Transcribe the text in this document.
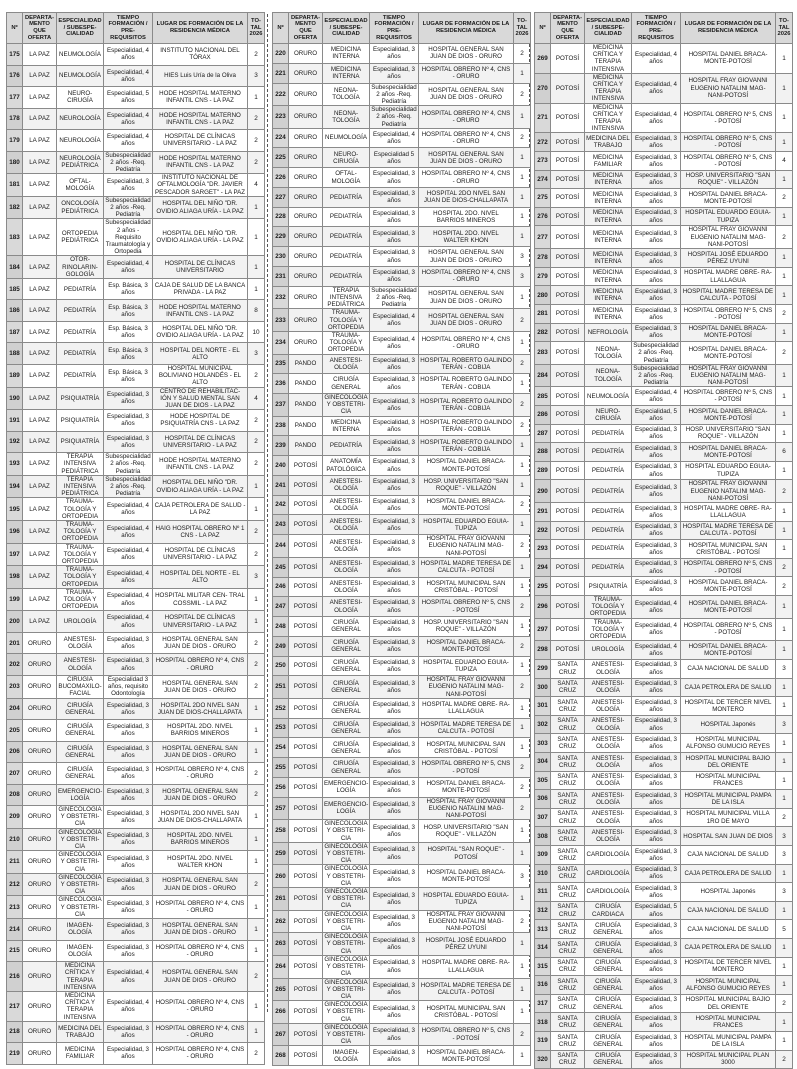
Nº	DEPARTA- MENTO QUE OFERTA	ESPECIALIDAD / SUBESPE- CIALIDAD	TIEMPO FORMACIÓN / PRE-REQUISITOS	LUGAR DE FORMACIÓN DE LA RESIDENCIA MÉDICA	TO- TAL 2026
175	LA PAZ	NEUMOLOGÍA	Especialidad, 4 años	INSTITUTO NACIONAL DEL TÓRAX	2
176	LA PAZ	NEUMOLOGÍA	Especialidad, 4 años	HIES Luis Uría de la Oliva	3
177	LA PAZ	NEURO- CIRUGÍA	Especialidad, 5 años	HODE HOSPITAL MATERNO INFANTIL CNS - LA PAZ	1
178	LA PAZ	NEUROLOGÍA	Especialidad, 4 años	HODE HOSPITAL MATERNO INFANTIL CNS - LA PAZ	2
179	LA PAZ	NEUROLOGÍA	Especialidad, 4 años	HOSPITAL DE CLÍNICAS UNIVERSITARIO - LA PAZ	2
180	LA PAZ	NEUROLOGÍA PEDIÁTRICA	Subespecialidad 2 años -Req. Pediatría	HODE HOSPITAL MATERNO INFANTIL CNS - LA PAZ	2
181	LA PAZ	OFTAL- MOLOGÍA	Especialidad, 3 años	INSTITUTO NACIONAL DE OFTALMOLOGÍA "DR. JAVIER PESCADOR SARGET" - LA PAZ	4
182	LA PAZ	ONCOLOGÍA PEDIÁTRICA	Subespecialidad 2 años -Req. Pediatría	HOSPITAL DEL NIÑO "DR. OVIDIO ALIAGA URÍA - LA PAZ	1
183	LA PAZ	ORTOPEDIA PEDIÁTRICA	Subespecialidad 2 años - Requisito Traumatología y Ortopedia	HOSPITAL DEL NIÑO "DR. OVIDIO ALIAGA URÍA - LA PAZ	1
184	LA PAZ	OTOR- RINOLARIN- GOLOGÍA	Especialidad, 4 años	HOSPITAL DE CLÍNICAS UNIVERSITARIO	1
185	LA PAZ	PEDIATRÍA	Esp. Básica, 3 años	CAJA DE SALUD DE LA BANCA PRIVADA - LA PAZ	1
186	LA PAZ	PEDIATRÍA	Esp. Básica, 3 años	HODE HOSPITAL MATERNO INFANTIL CNS - LA PAZ	8
187	LA PAZ	PEDIATRÍA	Esp. Básica, 3 años	HOSPITAL DEL NIÑO "DR. OVIDIO ALIAGA URÍA - LA PAZ	10
188	LA PAZ	PEDIATRÍA	Esp. Básica, 3 años	HOSPITAL DEL NORTE - EL ALTO	3
189	LA PAZ	PEDIATRÍA	Esp. Básica, 3 años	HOSPITAL MUNICIPAL BOLIVIANO HOLANDÉS - EL ALTO	2
190	LA PAZ	PSIQUIATRÍA	Especialidad, 3 años	CENTRO DE REHABILITAC- IÓN Y SALUD MENTAL SAN JUAN DE DIOS - LA PAZ	4
191	LA PAZ	PSIQUIATRÍA	Especialidad, 3 años	HODE HOSPITAL DE PSIQUIATRÍA CNS - LA PAZ	2
192	LA PAZ	PSIQUIATRÍA	Especialidad, 3 años	HOSPITAL DE CLÍNICAS UNIVERSITARIO - LA PAZ	2
193	LA PAZ	TERAPIA INTENSIVA PEDIÁTRICA	Subespecialidad 2 años -Req. Pediatría	HODE HOSPITAL MATERNO INFANTIL CNS - LA PAZ	2
194	LA PAZ	TERAPIA INTENSIVA PEDIÁTRICA	Subespecialidad 2 años -Req. Pediatría	HOSPITAL DEL NIÑO "DR. OVIDIO ALIAGA URÍA - LA PAZ	1
195	LA PAZ	TRAUMA- TOLOGÍA Y ORTOPEDIA	Especialidad, 4 años	CAJA PETROLERA DE SALUD - LA PAZ	1
196	LA PAZ	TRAUMA- TOLOGÍA Y ORTOPEDIA	Especialidad, 4 años	HAIG HOSPITAL OBRERO Nº 1 CNS - LA PAZ	2
197	LA PAZ	TRAUMA- TOLOGÍA Y ORTOPEDIA	Especialidad, 4 años	HOSPITAL DE CLÍNICAS UNIVERSITARIO - LA PAZ	2
198	LA PAZ	TRAUMA- TOLOGÍA Y ORTOPEDIA	Especialidad, 4 años	HOSPITAL DEL NORTE - EL ALTO	3
199	LA PAZ	TRAUMA- TOLOGÍA Y ORTOPEDIA	Especialidad, 4 años	HOSPITAL MILITAR CEN- TRAL COSSMIL - LA PAZ	1
200	LA PAZ	UROLOGÍA	Especialidad, 4 años	HOSPITAL DE CLÍNICAS UNIVERSITARIO - LA PAZ	1
201	ORURO	ANESTESI- OLOGÍA	Especialidad, 3 años	HOSPITAL GENERAL SAN JUAN DE DIOS - ORURO	2
202	ORURO	ANESTESI- OLOGÍA	Especialidad, 3 años	HOSPITAL OBRERO Nº 4, CNS - ORURO	2
203	ORURO	CIRUGÍA BUCOMAXILO- FACIAL	Especialidad 3 años, requisito Odontología	HOSPITAL GENERAL SAN JUAN DE DIOS - ORURO	2
204	ORURO	CIRUGÍA GENERAL	Especialidad, 3 años	HOSPITAL 2DO NIVEL SAN JUAN DE DIOS-CHALLAPATA	1
205	ORURO	CIRUGÍA GENERAL	Especialidad, 3 años	HOSPITAL 2DO. NIVEL BARRIOS MINEROS	1
206	ORURO	CIRUGÍA GENERAL	Especialidad, 3 años	HOSPITAL GENERAL SAN JUAN DE DIOS - ORURO	1
207	ORURO	CIRUGÍA GENERAL	Especialidad, 3 años	HOSPITAL OBRERO Nº 4, CNS - ORURO	2
208	ORURO	EMERGENCIO- LOGÍA	Especialidad, 3 años	HOSPITAL GENERAL SAN JUAN DE DIOS - ORURO	2
209	ORURO	GINECOLOGÍA Y OBSTETRI- CIA	Especialidad, 3 años	HOSPITAL 2DO NIVEL SAN JUAN DE DIOS-CHALLAPATA	1
210	ORURO	GINECOLOGÍA Y OBSTETRI- CIA	Especialidad, 3 años	HOSPITAL 2DO. NIVEL BARRIOS MINEROS	1
211	ORURO	GINECOLOGÍA Y OBSTETRI- CIA	Especialidad, 3 años	HOSPITAL 2DO. NIVEL WALTER KHON	1
212	ORURO	GINECOLOGÍA Y OBSTETRI- CIA	Especialidad, 3 años	HOSPITAL GENERAL SAN JUAN DE DIOS - ORURO	2
213	ORURO	GINECOLOGÍA Y OBSTETRI- CIA	Especialidad, 3 años	HOSPITAL OBRERO Nº 4, CNS - ORURO	1
214	ORURO	IMAGEN- OLOGÍA	Especialidad, 3 años	HOSPITAL GENERAL SAN JUAN DE DIOS - ORURO	1
215	ORURO	IMAGEN- OLOGÍA	Especialidad, 3 años	HOSPITAL OBRERO Nº 4, CNS - ORURO	1
216	ORURO	MEDICINA CRÍTICA Y TERAPIA INTENSIVA	Especialidad, 4 años	HOSPITAL GENERAL SAN JUAN DE DIOS - ORURO	2
217	ORURO	MEDICINA CRÍTICA Y TERAPIA INTENSIVA	Especialidad, 4 años	HOSPITAL OBRERO Nº 4, CNS - ORURO	1
218	ORURO	MEDICINA DEL TRABAJO	Especialidad, 3 años	HOSPITAL OBRERO Nº 4, CNS - ORURO	1
219	ORURO	MEDICINA FAMILIAR	Especialidad, 3 años	HOSPITAL OBRERO Nº 4, CNS - ORURO	2
Nº	DEPARTA- MENTO QUE OFERTA	ESPECIALIDAD / SUBESPE- CIALIDAD	TIEMPO FORMACIÓN / PRE-REQUISITOS	LUGAR DE FORMACIÓN DE LA RESIDENCIA MÉDICA	TO- TAL 2026
220	ORURO	MEDICINA INTERNA	Especialidad, 3 años	HOSPITAL GENERAL SAN JUAN DE DIOS - ORURO	2
221	ORURO	MEDICINA INTERNA	Especialidad, 3 años	HOSPITAL OBRERO Nº 4, CNS - ORURO	1
222	ORURO	NEONA- TOLOGÍA	Subespecialidad 2 años -Req. Pediatría	HOSPITAL GENERAL SAN JUAN DE DIOS - ORURO	2
223	ORURO	NEONA- TOLOGÍA	Subespecialidad 2 años -Req. Pediatría	HOSPITAL OBRERO Nº 4, CNS - ORURO	1
224	ORURO	NEUMOLOGÍA	Especialidad, 4 años	HOSPITAL OBRERO Nº 4, CNS - ORURO	2
225	ORURO	NEURO- CIRUGÍA	Especialidad 5 años	HOSPITAL GENERAL SAN JUAN DE DIOS - ORURO	1
226	ORURO	OFTAL- MOLOGÍA	Especialidad, 3 años	HOSPITAL OBRERO Nº 4, CNS - ORURO	1
227	ORURO	PEDIATRÍA	Especialidad, 3 años	HOSPITAL 2DO NIVEL SAN JUAN DE DIOS-CHALLAPATA	1
228	ORURO	PEDIATRÍA	Especialidad, 3 años	HOSPITAL 2DO. NIVEL BARRIOS MINEROS	1
229	ORURO	PEDIATRÍA	Especialidad, 3 años	HOSPITAL 2DO. NIVEL WALTER KHON	1
230	ORURO	PEDIATRÍA	Especialidad, 3 años	HOSPITAL GENERAL SAN JUAN DE DIOS - ORURO	3
231	ORURO	PEDIATRÍA	Especialidad, 3 años	HOSPITAL OBRERO Nº 4, CNS - ORURO	3
232	ORURO	TERAPIA INTENSIVA PEDIÁTRICA	Subespecialidad 2 años -Req. Pediatría	HOSPITAL GENERAL SAN JUAN DE DIOS - ORURO	1
233	ORURO	TRAUMA- TOLOGÍA Y ORTOPEDIA	Especialidad, 4 años	HOSPITAL GENERAL SAN JUAN DE DIOS - ORURO	2
234	ORURO	TRAUMA- TOLOGÍA Y ORTOPEDIA	Especialidad, 4 años	HOSPITAL OBRERO Nº 4, CNS - ORURO	1
235	PANDO	ANESTESI- OLOGÍA	Especialidad, 3 años	HOSPITAL ROBERTO GALINDO TERÁN - COBIJA	2
236	PANDO	CIRUGÍA GENERAL	Especialidad, 3 años	HOSPITAL ROBERTO GALINDO TERÁN - COBIJA	1
237	PANDO	GINECOLOGÍA Y OBSTETRI- CIA	Especialidad, 3 años	HOSPITAL ROBERTO GALINDO TERÁN - COBIJA	2
238	PANDO	MEDICINA INTERNA	Especialidad, 3 años	HOSPITAL ROBERTO GALINDO TERÁN - COBIJA	2
239	PANDO	PEDIATRÍA	Especialidad, 3 años	HOSPITAL ROBERTO GALINDO TERÁN - COBIJA	1
240	POTOSÍ	ANATOMÍA PATOLÓGICA	Especialidad, 3 años	HOSPITAL DANIEL BRACA- MONTE-POTOSÍ	1
241	POTOSÍ	ANESTESI- OLOGÍA	Especialidad, 3 años	HOSP. UNIVERSITARIO "SAN ROQUE" - VILLAZÓN	1
242	POTOSÍ	ANESTESI- OLOGÍA	Especialidad, 3 años	HOSPITAL DANIEL BRACA- MONTE-POTOSÍ	2
243	POTOSÍ	ANESTESI- OLOGÍA	Especialidad, 3 años	HOSPITAL EDUARDO EGUIA-TUPIZA	1
244	POTOSÍ	ANESTESI- OLOGÍA	Especialidad, 3 años	HOSPITAL FRAY GIOVANNI EUGENIO NATALINI MAG- NANI-POTOSÍ	2
245	POTOSÍ	ANESTESI- OLOGÍA	Especialidad, 3 años	HOSPITAL MADRE TERESA DE CALCUTA - POTOSÍ	1
246	POTOSÍ	ANESTESI- OLOGÍA	Especialidad, 3 años	HOSPITAL MUNICIPAL SAN CRISTÓBAL - POTOSÍ	1
247	POTOSÍ	ANESTESI- OLOGÍA	Especialidad, 3 años	HOSPITAL OBRERO Nº 5, CNS - POTOSÍ	2
248	POTOSÍ	CIRUGÍA GENERAL	Especialidad, 3 años	HOSP. UNIVERSITARIO "SAN ROQUE" - VILLAZÓN	1
249	POTOSÍ	CIRUGÍA GENERAL	Especialidad, 3 años	HOSPITAL DANIEL BRACA- MONTE-POTOSÍ	2
250	POTOSÍ	CIRUGÍA GENERAL	Especialidad, 3 años	HOSPITAL EDUARDO EGUIA-TUPIZA	1
251	POTOSÍ	CIRUGÍA GENERAL	Especialidad, 3 años	HOSPITAL FRAY GIOVANNI EUGENIO NATALINI MAG- NANI-POTOSÍ	2
252	POTOSÍ	CIRUGÍA GENERAL	Especialidad, 3 años	HOSPITAL MADRE OBRE- RA- LLALLAGUA	1
253	POTOSÍ	CIRUGÍA GENERAL	Especialidad, 3 años	HOSPITAL MADRE TERESA DE CALCUTA - POTOSÍ	1
254	POTOSÍ	CIRUGÍA GENERAL	Especialidad, 3 años	HOSPITAL MUNICIPAL SAN CRISTÓBAL - POTOSÍ	1
255	POTOSÍ	CIRUGÍA GENERAL	Especialidad, 3 años	HOSPITAL OBRERO Nº 5, CNS - POTOSÍ	2
256	POTOSÍ	EMERGENCIO- LOGÍA	Especialidad, 3 años	HOSPITAL DANIEL BRACA- MONTE-POTOSÍ	2
257	POTOSÍ	EMERGENCIO- LOGÍA	Especialidad, 3 años	HOSPITAL FRAY GIOVANNI EUGENIO NATALINI MAG- NANI-POTOSÍ	2
258	POTOSÍ	GINECOLOGÍA Y OBSTETRI- CIA	Especialidad, 3 años	HOSP. UNIVERSITARIO "SAN ROQUE" - VILLAZÓN	1
259	POTOSÍ	GINECOLOGÍA Y OBSTETRI- CIA	Especialidad, 3 años	HOSPITAL "SAN ROQUE" - POTOSÍ	1
260	POTOSÍ	GINECOLOGÍA Y OBSTETRI- CIA	Especialidad, 3 años	HOSPITAL DANIEL BRACA- MONTE-POTOSÍ	3
261	POTOSÍ	GINECOLOGÍA Y OBSTETRI- CIA	Especialidad, 3 años	HOSPITAL EDUARDO EGUIA-TUPIZA	1
262	POTOSÍ	GINECOLOGÍA Y OBSTETRI- CIA	Especialidad, 3 años	HOSPITAL FRAY GIOVANNI EUGENIO NATALINI MAG- NANI-POTOSÍ	2
263	POTOSÍ	GINECOLOGÍA Y OBSTETRI- CIA	Especialidad, 3 años	HOSPITAL JOSÉ EDUARDO PÉREZ UYUNI	1
264	POTOSÍ	GINECOLOGÍA Y OBSTETRI- CIA	Especialidad, 3 años	HOSPITAL MADRE OBRE- RA- LLALLAGUA	1
265	POTOSÍ	GINECOLOGÍA Y OBSTETRI- CIA	Especialidad, 3 años	HOSPITAL MADRE TERESA DE CALCUTA - POTOSÍ	1
266	POTOSÍ	GINECOLOGÍA Y OBSTETRI- CIA	Especialidad, 3 años	HOSPITAL MUNICIPAL SAN CRISTÓBAL - POTOSÍ	1
267	POTOSÍ	GINECOLOGÍA Y OBSTETRI- CIA	Especialidad, 3 años	HOSPITAL OBRERO Nº 5, CNS - POTOSÍ	2
268	POTOSÍ	IMAGEN- OLOGÍA	Especialidad, 3 años	HOSPITAL DANIEL BRACA- MONTE-POTOSÍ	1
Nº	DEPARTA- MENTO QUE OFERTA	ESPECIALIDAD / SUBESPE- CIALIDAD	TIEMPO FORMACIÓN / PRE-REQUISITOS	LUGAR DE FORMACIÓN DE LA RESIDENCIA MÉDICA	TO- TAL 2026
269	POTOSÍ	MEDICINA CRÍTICA Y TERAPIA INTENSIVA	Especialidad, 4 años	HOSPITAL DANIEL BRACA- MONTE-POTOSÍ	1
270	POTOSÍ	MEDICINA CRÍTICA Y TERAPIA INTENSIVA	Especialidad, 4 años	HOSPITAL FRAY GIOVANNI EUGENIO NATALINI MAG- NANI-POTOSÍ	1
271	POTOSÍ	MEDICINA CRÍTICA Y TERAPIA INTENSIVA	Especialidad, 4 años	HOSPITAL OBRERO Nº 5, CNS - POTOSÍ	1
272	POTOSÍ	MEDICINA DEL TRABAJO	Especialidad, 3 años	HOSPITAL OBRERO Nº 5, CNS - POTOSÍ	1
273	POTOSÍ	MEDICINA FAMILIAR	Especialidad, 3 años	HOSPITAL OBRERO Nº 5, CNS - POTOSÍ	4
274	POTOSÍ	MEDICINA INTERNA	Especialidad, 3 años	HOSP. UNIVERSITARIO "SAN ROQUE" - VILLAZÓN	1
275	POTOSÍ	MEDICINA INTERNA	Especialidad, 3 años	HOSPITAL DANIEL BRACA- MONTE-POTOSÍ	2
276	POTOSÍ	MEDICINA INTERNA	Especialidad, 3 años	HOSPITAL EDUARDO EGUIA-TUPIZA	1
277	POTOSÍ	MEDICINA INTERNA	Especialidad, 3 años	HOSPITAL FRAY GIOVANNI EUGENIO NATALINI MAG- NANI-POTOSÍ	2
278	POTOSÍ	MEDICINA INTERNA	Especialidad, 3 años	HOSPITAL JOSÉ EDUARDO PÉREZ UYUNI	1
279	POTOSÍ	MEDICINA INTERNA	Especialidad, 3 años	HOSPITAL MADRE OBRE- RA- LLALLAGUA	1
280	POTOSÍ	MEDICINA INTERNA	Especialidad, 3 años	HOSPITAL MADRE TERESA DE CALCUTA - POTOSÍ	1
281	POTOSÍ	MEDICINA INTERNA	Especialidad, 3 años	HOSPITAL OBRERO Nº 5, CNS - POTOSÍ	2
282	POTOSÍ	NEFROLOGÍA	Especialidad, 3 años	HOSPITAL DANIEL BRACA- MONTE-POTOSÍ	1
283	POTOSÍ	NEONA- TOLOGÍA	Subespecialidad 2 años -Req. Pediatría	HOSPITAL DANIEL BRACA- MONTE-POTOSÍ	2
284	POTOSÍ	NEONA- TOLOGÍA	Subespecialidad 2 años -Req. Pediatría	HOSPITAL FRAY GIOVANNI EUGENIO NATALINI MAG- NANI-POTOSÍ	1
285	POTOSÍ	NEUMOLOGÍA	Especialidad, 4 años	HOSPITAL OBRERO Nº 5, CNS - POTOSÍ	1
286	POTOSÍ	NEURO- CIRUGÍA	Especialidad, 5 años	HOSPITAL DANIEL BRACA- MONTE-POTOSÍ	1
287	POTOSÍ	PEDIATRÍA	Especialidad, 3 años	HOSP. UNIVERSITARIO "SAN ROQUE" - VILLAZÓN	1
288	POTOSÍ	PEDIATRÍA	Especialidad, 3 años	HOSPITAL DANIEL BRACA- MONTE-POTOSÍ	6
289	POTOSÍ	PEDIATRÍA	Especialidad, 3 años	HOSPITAL EDUARDO EGUIA-TUPIZA	1
290	POTOSÍ	PEDIATRÍA	Especialidad, 3 años	HOSPITAL FRAY GIOVANNI EUGENIO NATALINI MAG- NANI-POTOSÍ	2
291	POTOSÍ	PEDIATRÍA	Especialidad, 3 años	HOSPITAL MADRE OBRE- RA- LLALLAGUA	1
292	POTOSÍ	PEDIATRÍA	Especialidad, 3 años	HOSPITAL MADRE TERESA DE CALCUTA - POTOSÍ	1
293	POTOSÍ	PEDIATRÍA	Especialidad, 3 años	HOSPITAL MUNICIPAL SAN CRISTÓBAL - POTOSÍ	1
294	POTOSÍ	PEDIATRÍA	Especialidad, 3 años	HOSPITAL OBRERO Nº 5, CNS - POTOSÍ	2
295	POTOSÍ	PSIQUIATRÍA	Especialidad, 3 años	HOSPITAL DANIEL BRACA- MONTE-POTOSÍ	2
296	POTOSÍ	TRAUMA- TOLOGÍA Y ORTOPEDIA	Especialidad, 4 años	HOSPITAL DANIEL BRACA- MONTE-POTOSÍ	1
297	POTOSÍ	TRAUMA- TOLOGÍA Y ORTOPEDIA	Especialidad, 4 años	HOSPITAL OBRERO Nº 5, CNS - POTOSÍ	1
298	POTOSÍ	UROLOGÍA	Especialidad, 4 años	HOSPITAL DANIEL BRACA- MONTE-POTOSÍ	1
299	SANTA CRUZ	ANESTESI- OLOGÍA	Especialidad, 3 años	CAJA NACIONAL DE SALUD	3
300	SANTA CRUZ	ANESTESI- OLOGÍA	Especialidad, 3 años	CAJA PETROLERA DE SALUD	1
301	SANTA CRUZ	ANESTESI- OLOGÍA	Especialidad, 3 años	HOSPITAL DE TERCER NIVEL MONTERO	1
302	SANTA CRUZ	ANESTESI- OLOGÍA	Especialidad, 3 años	HOSPITAL Japonés	3
303	SANTA CRUZ	ANESTESI- OLOGÍA	Especialidad, 3 años	HOSPITAL MUNICIPAL ALFONSO GUMUCIO REYES	1
304	SANTA CRUZ	ANESTESI- OLOGÍA	Especialidad, 3 años	HOSPITAL MUNICIPAL BAJIO DEL ORIENTE	1
305	SANTA CRUZ	ANESTESI- OLOGÍA	Especialidad, 3 años	HOSPITAL MUNICIPAL FRANCES	1
306	SANTA CRUZ	ANESTESI- OLOGÍA	Especialidad, 3 años	HOSPITAL MUNICIPAL PAMPA DE LA ISLA	1
307	SANTA CRUZ	ANESTESI- OLOGÍA	Especialidad, 3 años	HOSPITAL MUNICIPAL VILLA 1RO DE MAYO	2
308	SANTA CRUZ	ANESTESI- OLOGÍA	Especialidad, 3 años	HOSPITAL SAN JUAN DE DIOS	3
309	SANTA CRUZ	CARDIOLOGÍA	Especialidad, 3 años	CAJA NACIONAL DE SALUD	3
310	SANTA CRUZ	CARDIOLOGÍA	Especialidad, 3 años	CAJA PETROLERA DE SALUD	1
311	SANTA CRUZ	CARDIOLOGÍA	Especialidad, 3 años	HOSPITAL Japonés	3
312	SANTA CRUZ	CIRUGÍA CARDIACA	Especialidad, 5 años	CAJA NACIONAL DE SALUD	1
313	SANTA CRUZ	CIRUGÍA GENERAL	Especialidad, 3 años	CAJA NACIONAL DE SALUD	5
314	SANTA CRUZ	CIRUGÍA GENERAL	Especialidad, 3 años	CAJA PETROLERA DE SALUD	1
315	SANTA CRUZ	CIRUGÍA GENERAL	Especialidad, 3 años	HOSPITAL DE TERCER NIVEL MONTERO	1
316	SANTA CRUZ	CIRUGÍA GENERAL	Especialidad, 3 años	HOSPITAL MUNICIPAL ALFONSO GUMUCIO REYES	1
317	SANTA CRUZ	CIRUGÍA GENERAL	Especialidad, 3 años	HOSPITAL MUNICIPAL BAJIO DEL ORIENTE	2
318	SANTA CRUZ	CIRUGÍA GENERAL	Especialidad, 3 años	HOSPITAL MUNICIPAL FRANCES	1
319	SANTA CRUZ	CIRUGÍA GENERAL	Especialidad, 3 años	HOSPITAL MUNICIPAL PAMPA DE LA ISLA	1
320	SANTA CRUZ	CIRUGÍA GENERAL	Especialidad, 3 años	HOSPITAL MUNICIPAL PLAN 3000	2
